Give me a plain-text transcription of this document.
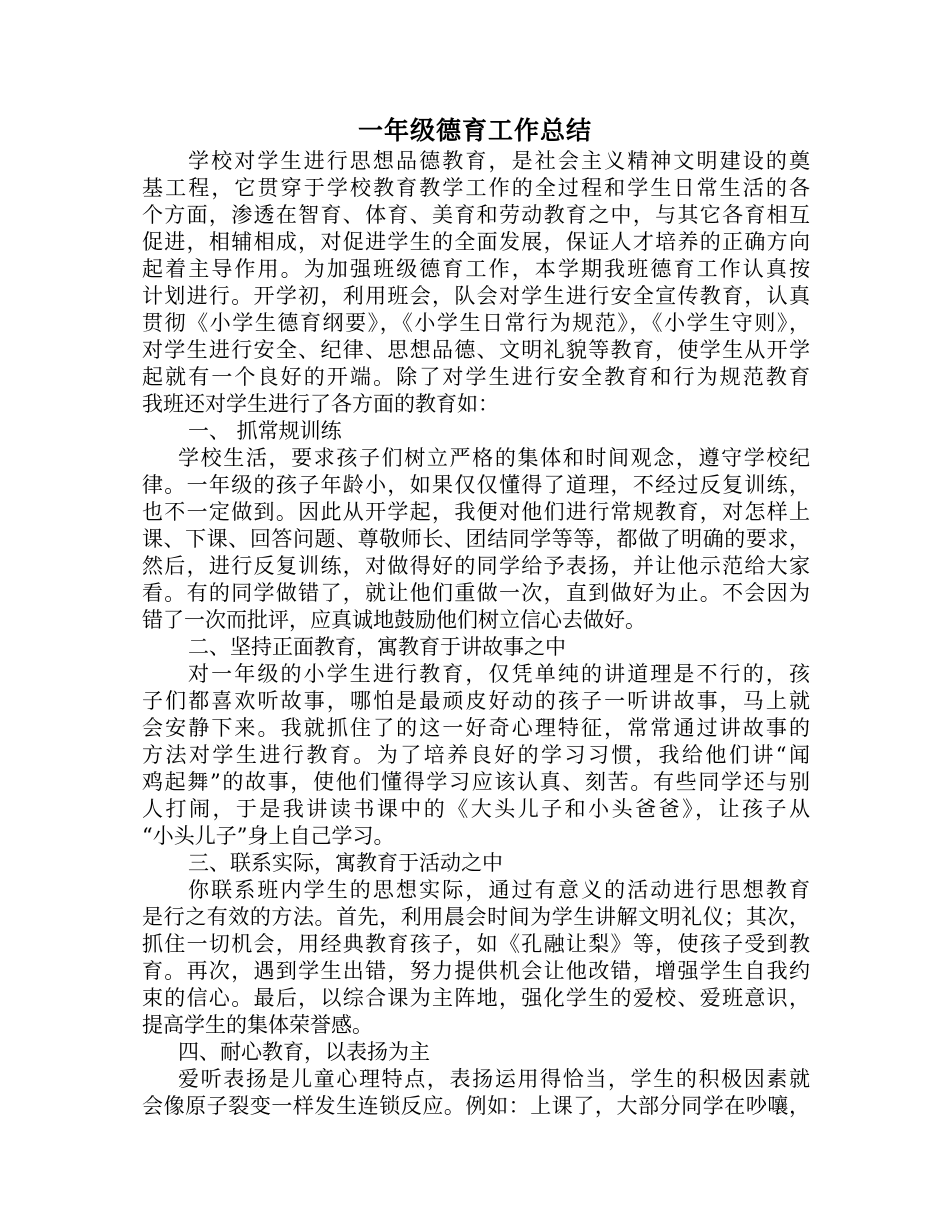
一年级德育工作总结
学校对学生进行思想品德教育，是社会主义精神文明建设的奠
基工程，它贯穿于学校教育教学工作的全过程和学生日常生活的各
个方面，渗透在智育、体育、美育和劳动教育之中，与其它各育相互
促进，相辅相成，对促进学生的全面发展，保证人才培养的正确方向
起着主导作用。为加强班级德育工作，本学期我班德育工作认真按
计划进行。开学初，利用班会，队会对学生进行安全宣传教育，认真
贯彻《小学生德育纲要》，《小学生日常行为规范》，《小学生守则》，
对学生进行安全、纪律、思想品德、文明礼貌等教育，使学生从开学
起就有一个良好的开端。除了对学生进行安全教育和行为规范教育
我班还对学生进行了各方面的教育如：
一、 抓常规训练
学校生活，要求孩子们树立严格的集体和时间观念，遵守学校纪
律。一年级的孩子年龄小，如果仅仅懂得了道理，不经过反复训练，
也不一定做到。因此从开学起，我便对他们进行常规教育，对怎样上
课、下课、回答问题、尊敬师长、团结同学等等，都做了明确的要求，
然后，进行反复训练，对做得好的同学给予表扬，并让他示范给大家
看。有的同学做错了，就让他们重做一次，直到做好为止。不会因为
错了一次而批评，应真诚地鼓励他们树立信心去做好。
二、坚持正面教育，寓教育于讲故事之中
对一年级的小学生进行教育，仅凭单纯的讲道理是不行的，孩
子们都喜欢听故事，哪怕是最顽皮好动的孩子一听讲故事，马上就
会安静下来。我就抓住了的这一好奇心理特征，常常通过讲故事的
方法对学生进行教育。为了培养良好的学习习惯，我给他们讲“闻
鸡起舞”的故事，使他们懂得学习应该认真、刻苦。有些同学还与别
人打闹，于是我讲读书课中的《大头儿子和小头爸爸》，让孩子从
“小头儿子”身上自己学习。
三、联系实际，寓教育于活动之中
你联系班内学生的思想实际，通过有意义的活动进行思想教育
是行之有效的方法。首先，利用晨会时间为学生讲解文明礼仪；其次，
抓住一切机会，用经典教育孩子，如《孔融让梨》等，使孩子受到教
育。再次，遇到学生出错，努力提供机会让他改错，增强学生自我约
束的信心。最后，以综合课为主阵地，强化学生的爱校、爱班意识，
提高学生的集体荣誉感。
四、耐心教育，以表扬为主
爱听表扬是儿童心理特点，表扬运用得恰当，学生的积极因素就
会像原子裂变一样发生连锁反应。例如：上课了，大部分同学在吵嚷，
